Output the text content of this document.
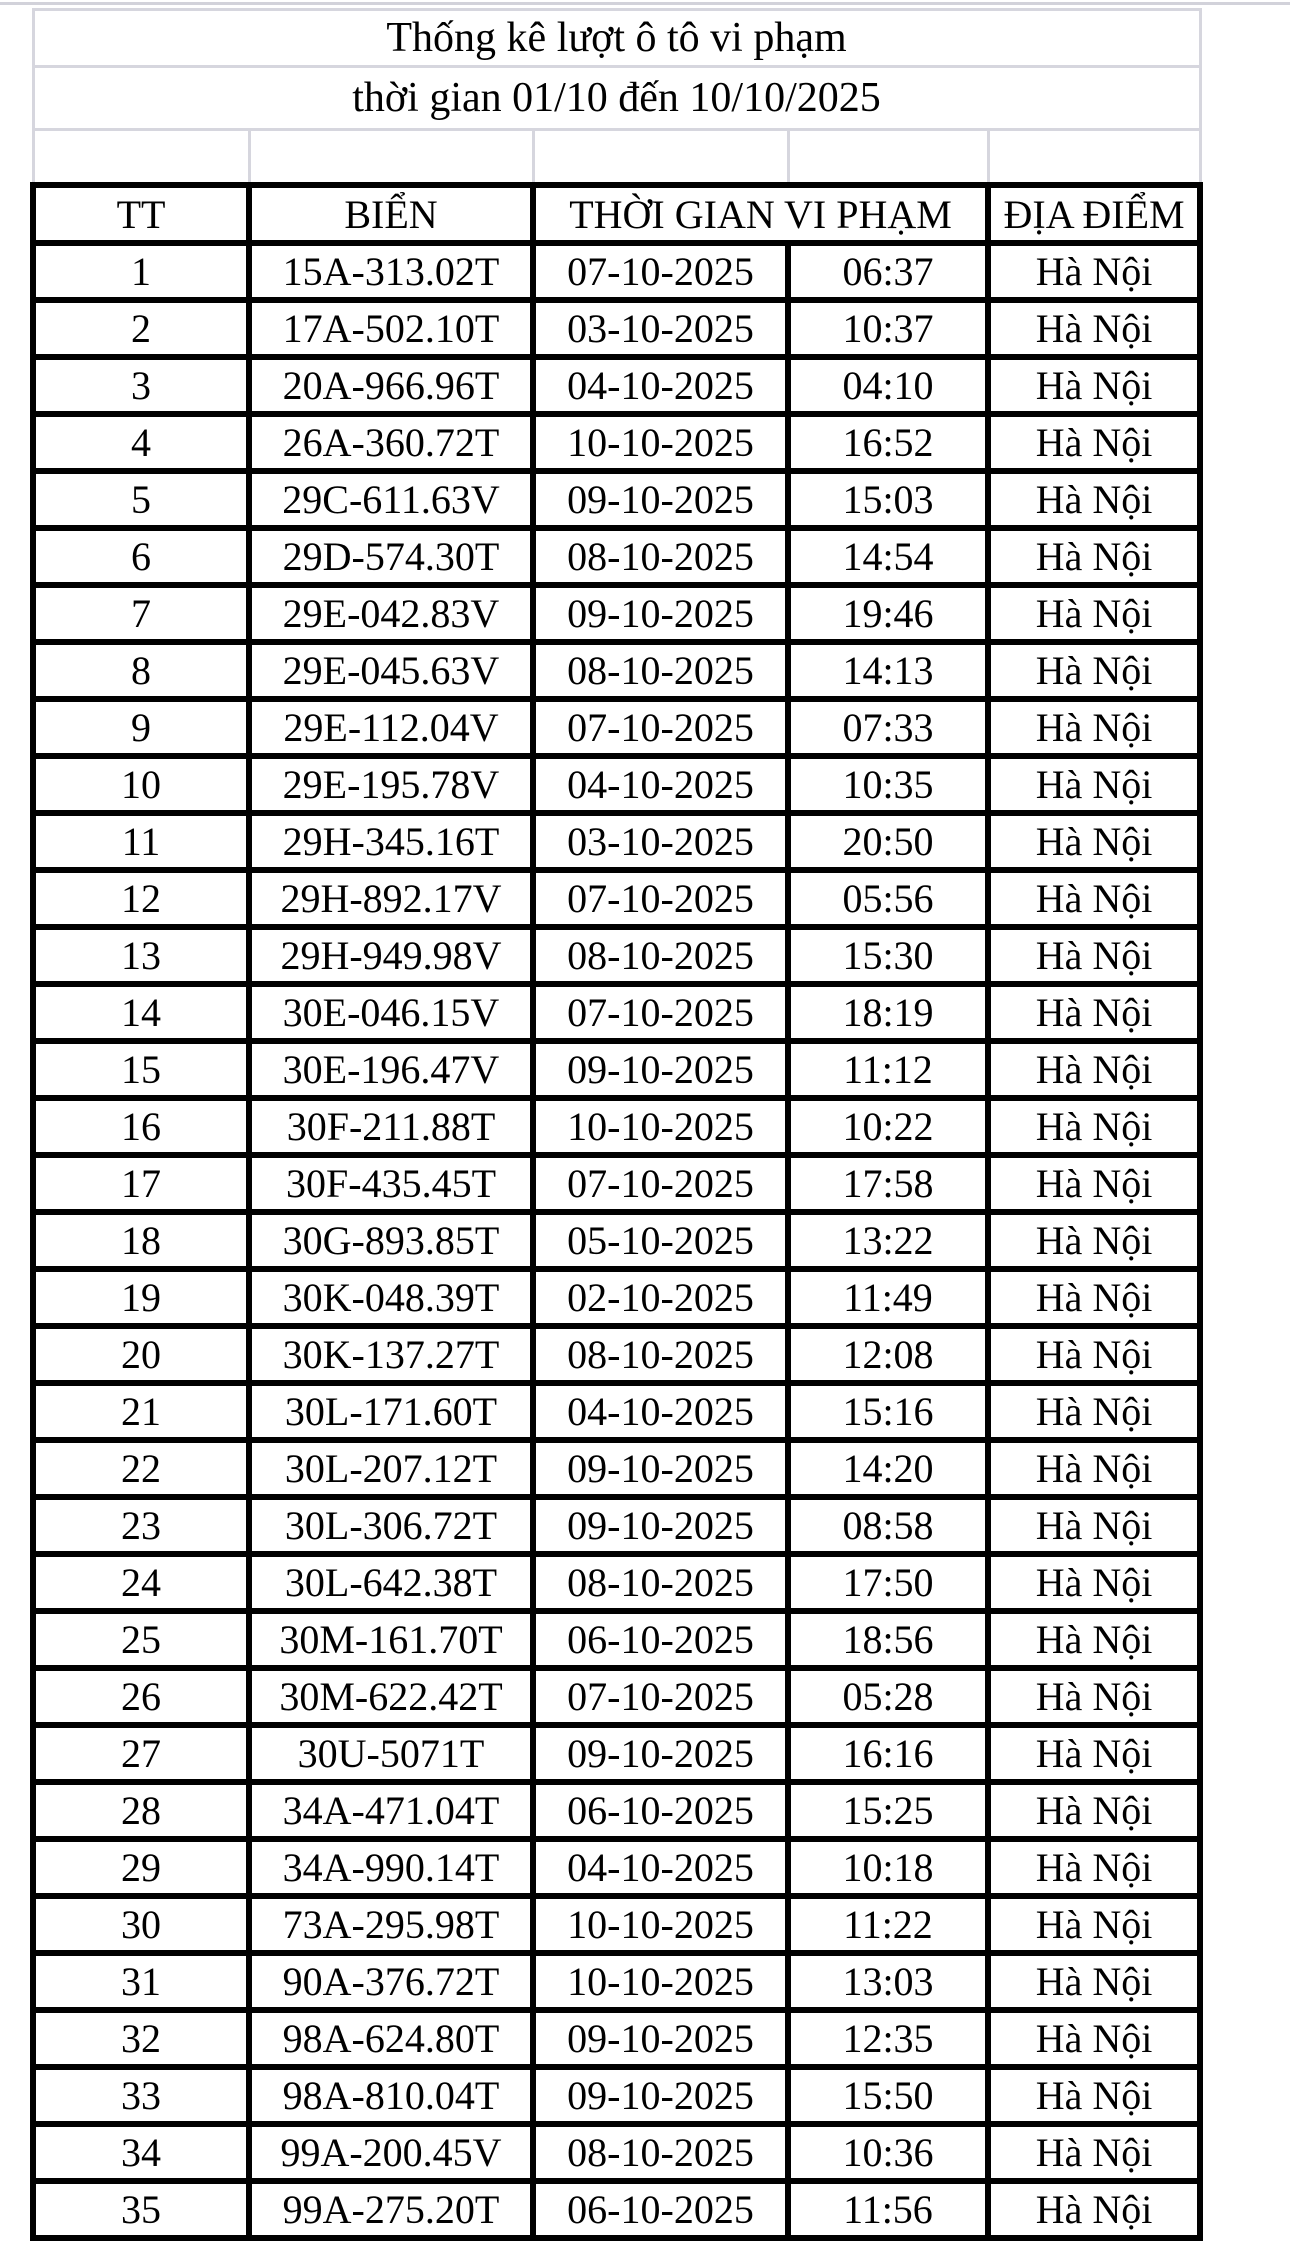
Thống kê lượt ô tô vi phạm				
thời gian 01/10 đến 10/10/2025				

TT	BIỂN	THỜI GIAN VI PHẠM		ĐỊA ĐIỂM
1	15A-313.02T	07-10-2025	06:37	Hà Nội
2	17A-502.10T	03-10-2025	10:37	Hà Nội
3	20A-966.96T	04-10-2025	04:10	Hà Nội
4	26A-360.72T	10-10-2025	16:52	Hà Nội
5	29C-611.63V	09-10-2025	15:03	Hà Nội
6	29D-574.30T	08-10-2025	14:54	Hà Nội
7	29E-042.83V	09-10-2025	19:46	Hà Nội
8	29E-045.63V	08-10-2025	14:13	Hà Nội
9	29E-112.04V	07-10-2025	07:33	Hà Nội
10	29E-195.78V	04-10-2025	10:35	Hà Nội
11	29H-345.16T	03-10-2025	20:50	Hà Nội
12	29H-892.17V	07-10-2025	05:56	Hà Nội
13	29H-949.98V	08-10-2025	15:30	Hà Nội
14	30E-046.15V	07-10-2025	18:19	Hà Nội
15	30E-196.47V	09-10-2025	11:12	Hà Nội
16	30F-211.88T	10-10-2025	10:22	Hà Nội
17	30F-435.45T	07-10-2025	17:58	Hà Nội
18	30G-893.85T	05-10-2025	13:22	Hà Nội
19	30K-048.39T	02-10-2025	11:49	Hà Nội
20	30K-137.27T	08-10-2025	12:08	Hà Nội
21	30L-171.60T	04-10-2025	15:16	Hà Nội
22	30L-207.12T	09-10-2025	14:20	Hà Nội
23	30L-306.72T	09-10-2025	08:58	Hà Nội
24	30L-642.38T	08-10-2025	17:50	Hà Nội
25	30M-161.70T	06-10-2025	18:56	Hà Nội
26	30M-622.42T	07-10-2025	05:28	Hà Nội
27	30U-5071T	09-10-2025	16:16	Hà Nội
28	34A-471.04T	06-10-2025	15:25	Hà Nội
29	34A-990.14T	04-10-2025	10:18	Hà Nội
30	73A-295.98T	10-10-2025	11:22	Hà Nội
31	90A-376.72T	10-10-2025	13:03	Hà Nội
32	98A-624.80T	09-10-2025	12:35	Hà Nội
33	98A-810.04T	09-10-2025	15:50	Hà Nội
34	99A-200.45V	08-10-2025	10:36	Hà Nội
35	99A-275.20T	06-10-2025	11:56	Hà Nội
